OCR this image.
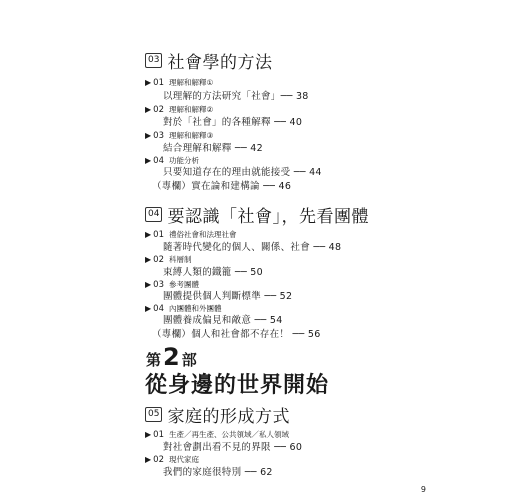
03 社會學的方法
▶ 01 理解和解釋①
以理解的方法研究「社會」── 38
▶ 02 理解和解釋②
對於「社會」的各種解釋 ── 40
▶ 03 理解和解釋③
結合理解和解釋 ── 42
▶ 04 功能分析
只要知道存在的理由就能接受 ── 44
（專欄）實在論和建構論 ── 46
04 要認識「社會」，先看團體
▶ 01 禮俗社會和法理社會
隨著時代變化的個人、關係、社會 ── 48
▶ 02 科層制
束縛人類的鐵籠 ── 50
▶ 03 參考團體
團體提供個人判斷標準 ── 52
▶ 04 內團體和外團體
團體養成偏見和敵意 ── 54
（專欄）個人和社會都不存在！ ── 56
第 2 部
從身邊的世界開始
05 家庭的形成方式
▶ 01 生產／再生產、公共領域／私人領域
對社會劃出看不見的界限 ── 60
▶ 02 現代家庭
我們的家庭很特別 ── 62
9
